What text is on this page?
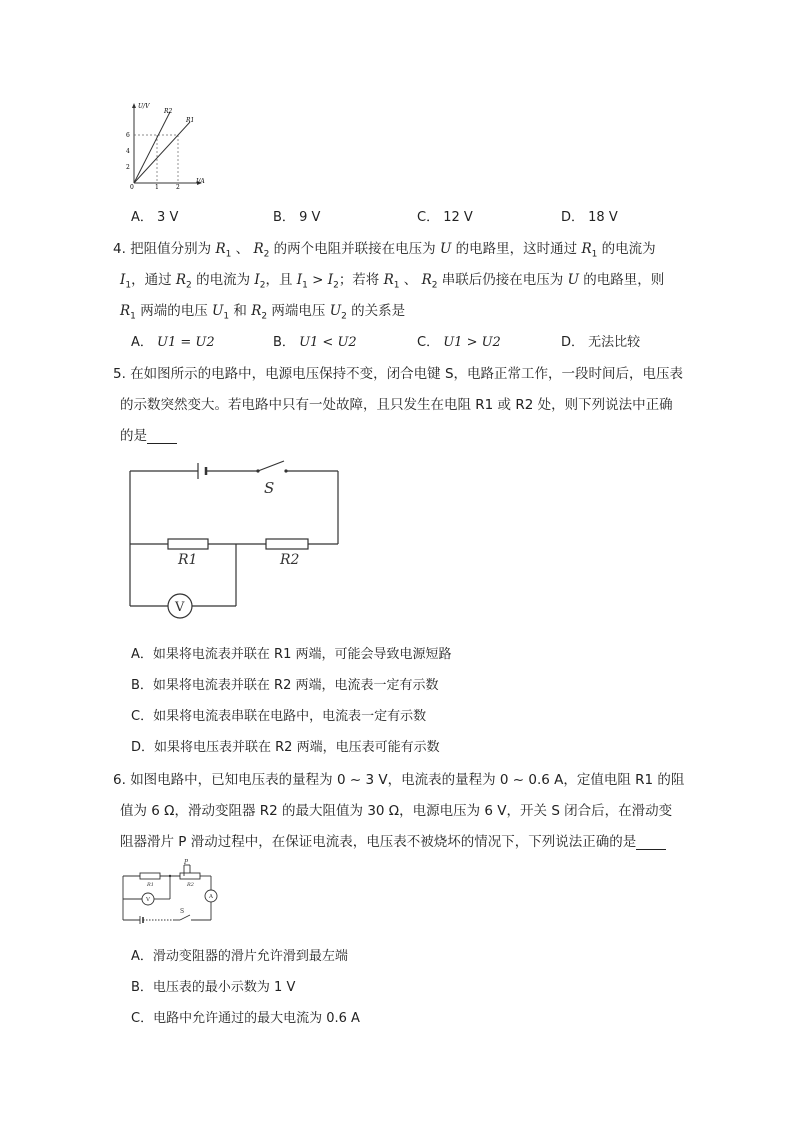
U/V
I/A
R2
R1
6
4
2
0	1	2
A． 3 V	B． 9 V	C． 12 V	D． 18 V
4. 把阻值分别为 $R_1$ 、 $R_2$ 的两个电阻并联接在电压为 U 的电路里，这时通过 $R_1$ 的电流为
$I_1$，通过 $R_2$ 的电流为 $I_2$，且 $I_1 > I_2$；若将 $R_1$ 、 $R_2$ 串联后仍接在电压为 U 的电路里，则
$R_1$ 两端的电压 $U_1$ 和 $R_2$ 两端电压 $U_2$ 的关系是
A． U1 = U2	B． U1 < U2	C． U1 > U2	D． 无法比较
5. 在如图所示的电路中，电源电压保持不变，闭合电键 S，电路正常工作，一段时间后，电压表
的示数突然变大。若电路中只有一处故障，且只发生在电阻 R1 或 R2 处，则下列说法中正确
的是
S
R1	R2
V
A．如果将电流表并联在 R1 两端，可能会导致电源短路
B．如果将电流表并联在 R2 两端，电流表一定有示数
C．如果将电流表串联在电路中，电流表一定有示数
D．如果将电压表并联在 R2 两端，电压表可能有示数
6. 如图电路中，已知电压表的量程为 0 ~ 3 V，电流表的量程为 0 ~ 0.6 A，定值电阻 R1 的阻
值为 6 Ω，滑动变阻器 R2 的最大阻值为 30 Ω，电源电压为 6 V，开关 S 闭合后，在滑动变
阻器滑片 P 滑动过程中，在保证电流表，电压表不被烧坏的情况下，下列说法正确的是
P
R1	R2
V	A
S
A．滑动变阻器的滑片允许滑到最左端
B．电压表的最小示数为 1 V
C．电路中允许通过的最大电流为 0.6 A
